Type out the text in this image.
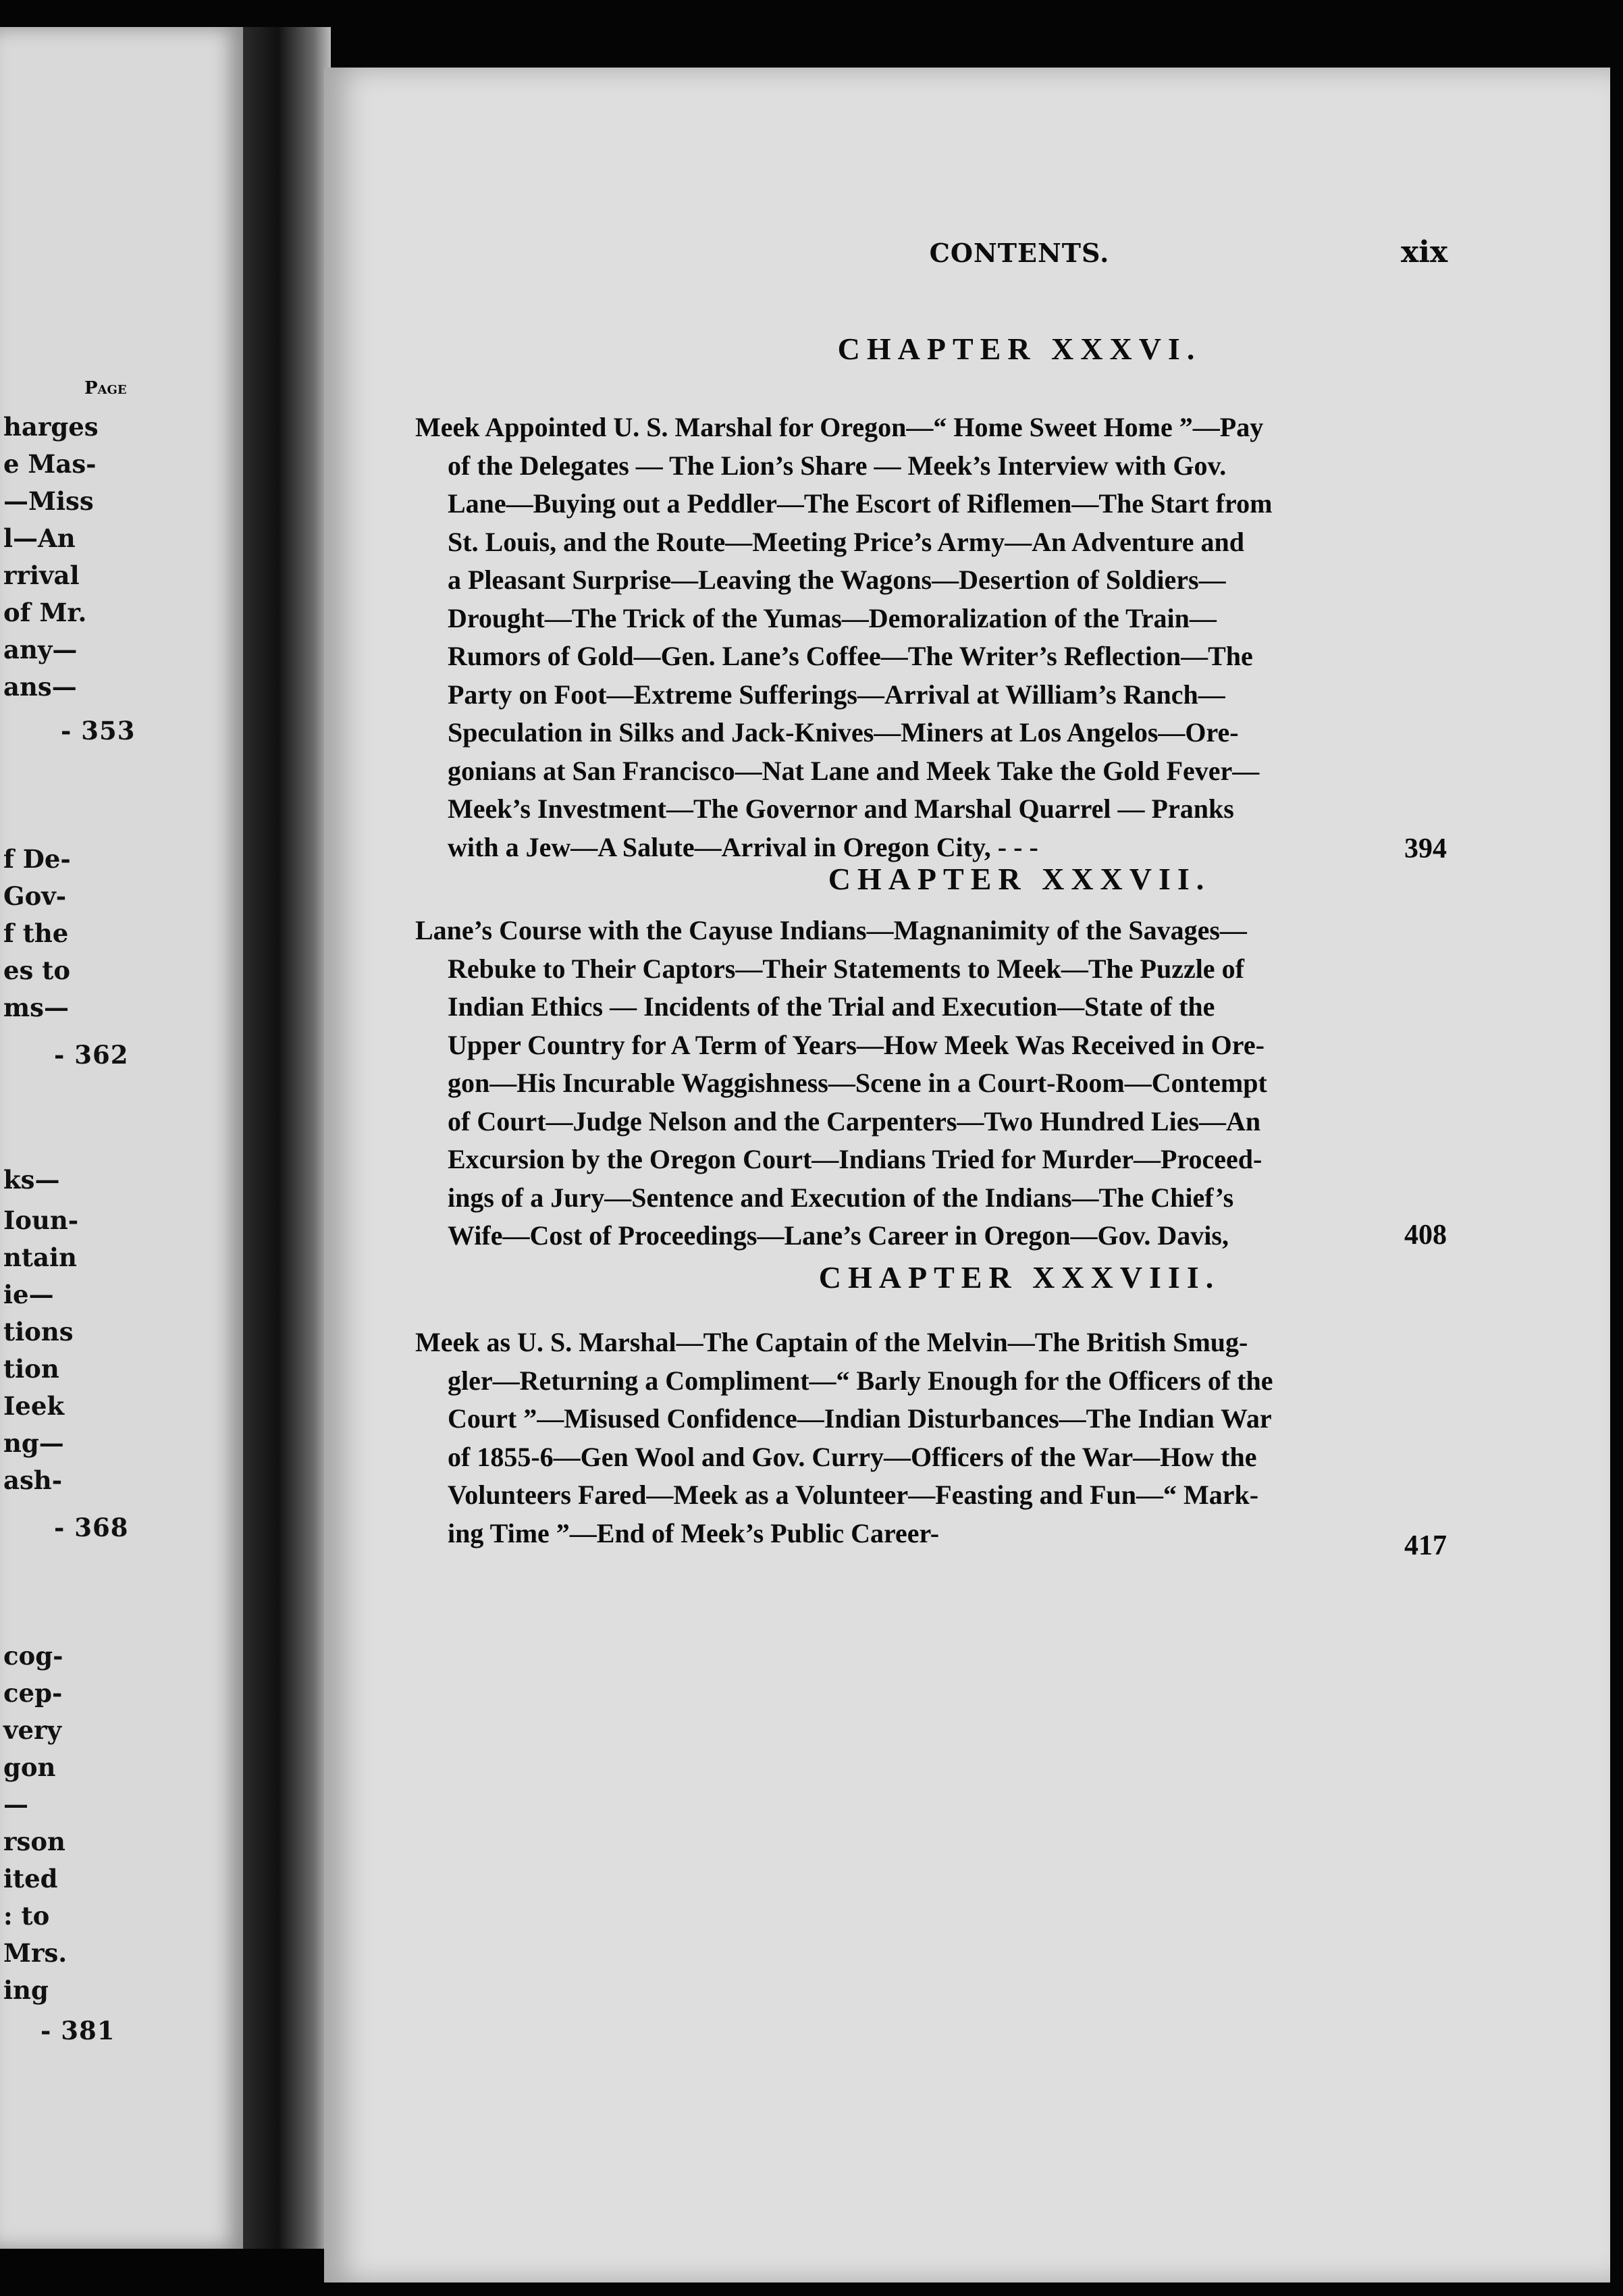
Page
harges
e Mas-
—Miss
l—An
rrival
of Mr.
any—
ans—
- 353
f De-
Gov-
f the
es to
ms—
- 362
ks—
Ioun-
ntain
ie—
tions
tion
Ieek
ng—
ash-
- 368
cog-
cep-
very
gon
—
rson
ited
: to
Mrs.
ing
- 381
CONTENTS.	xix
CHAPTER XXXVI.
Meek Appointed U. S. Marshal for Oregon—“ Home Sweet Home ”—Pay
of the Delegates — The Lion’s Share — Meek’s Interview with Gov.
Lane—Buying out a Peddler—The Escort of Riflemen—The Start from
St. Louis, and the Route—Meeting Price’s Army—An Adventure and
a Pleasant Surprise—Leaving the Wagons—Desertion of Soldiers—
Drought—The Trick of the Yumas—Demoralization of the Train—
Rumors of Gold—Gen. Lane’s Coffee—The Writer’s Reflection—The
Party on Foot—Extreme Sufferings—Arrival at William’s Ranch—
Speculation in Silks and Jack-Knives—Miners at Los Angelos—Ore-
gonians at San Francisco—Nat Lane and Meek Take the Gold Fever—
Meek’s Investment—The Governor and Marshal Quarrel — Pranks
with a Jew—A Salute—Arrival in Oregon City, - - -	394
CHAPTER XXXVII.
Lane’s Course with the Cayuse Indians—Magnanimity of the Savages—
Rebuke to Their Captors—Their Statements to Meek—The Puzzle of
Indian Ethics — Incidents of the Trial and Execution—State of the
Upper Country for A Term of Years—How Meek Was Received in Ore-
gon—His Incurable Waggishness—Scene in a Court-Room—Contempt
of Court—Judge Nelson and the Carpenters—Two Hundred Lies—An
Excursion by the Oregon Court—Indians Tried for Murder—Proceed-
ings of a Jury—Sentence and Execution of the Indians—The Chief’s
Wife—Cost of Proceedings—Lane’s Career in Oregon—Gov. Davis,	408
CHAPTER XXXVIII.
Meek as U. S. Marshal—The Captain of the Melvin—The British Smug-
gler—Returning a Compliment—“ Barly Enough for the Officers of the
Court ”—Misused Confidence—Indian Disturbances—The Indian War
of 1855-6—Gen Wool and Gov. Curry—Officers of the War—How the
Volunteers Fared—Meek as a Volunteer—Feasting and Fun—“ Mark-
ing Time ”—End of Meek’s Public Career-	417
